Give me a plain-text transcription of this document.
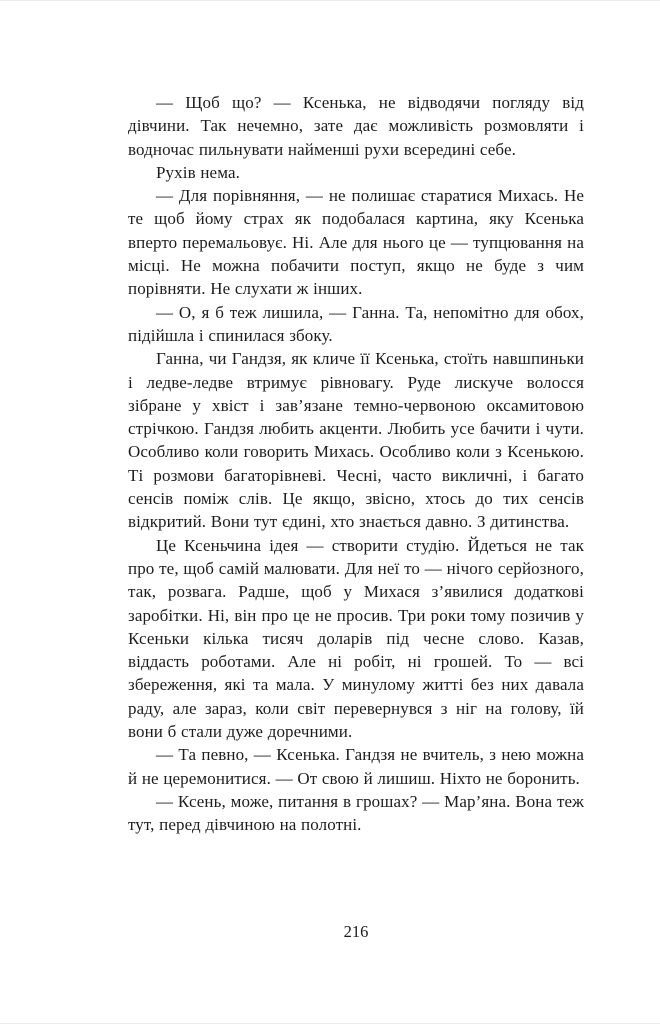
— Щоб що? — Ксенька, не відводячи погляду від дівчини. Так нечемно, зате дає можливість розмовляти і водночас пильнувати найменші рухи всередині себе.

Рухів нема.

— Для порівняння, — не полишає старатися Михась. Не те щоб йому страх як подобалася картина, яку Ксенька вперто перемальовує. Ні. Але для нього це — тупцювання на місці. Не можна побачити поступ, якщо не буде з чим порівняти. Не слухати ж інших.

— О, я б теж лишила, — Ганна. Та, непомітно для обох, підійшла і спинилася збоку.

Ганна, чи Гандзя, як кличе її Ксенька, стоїть навшпиньки і ледве-ледве втримує рівновагу. Руде лискуче волосся зібране у хвіст і зав’язане темно-червоною оксамитовою стрічкою. Гандзя любить акценти. Любить усе бачити і чути. Особливо коли говорить Михась. Особливо коли з Ксенькою. Ті розмови багаторівневі. Чесні, часто викличні, і багато сенсів поміж слів. Це якщо, звісно, хтось до тих сенсів відкритий. Вони тут єдині, хто знається давно. З дитинства.

Це Ксеньчина ідея — створити студію. Йдеться не так про те, щоб самій малювати. Для неї то — нічого серйозного, так, розвага. Радше, щоб у Михася з’явилися додаткові заробітки. Ні, він про це не просив. Три роки тому позичив у Ксеньки кілька тисяч доларів під чесне слово. Казав, віддасть роботами. Але ні робіт, ні грошей. То — всі збереження, які та мала. У минулому житті без них давала раду, але зараз, коли світ перевернувся з ніг на голову, їй вони б стали дуже доречними.

— Та певно, — Ксенька. Гандзя не вчитель, з нею можна й не церемонитися. — От свою й лишиш. Ніхто не боронить.

— Ксень, може, питання в грошах? — Мар’яна. Вона теж тут, перед дівчиною на полотні.

216
